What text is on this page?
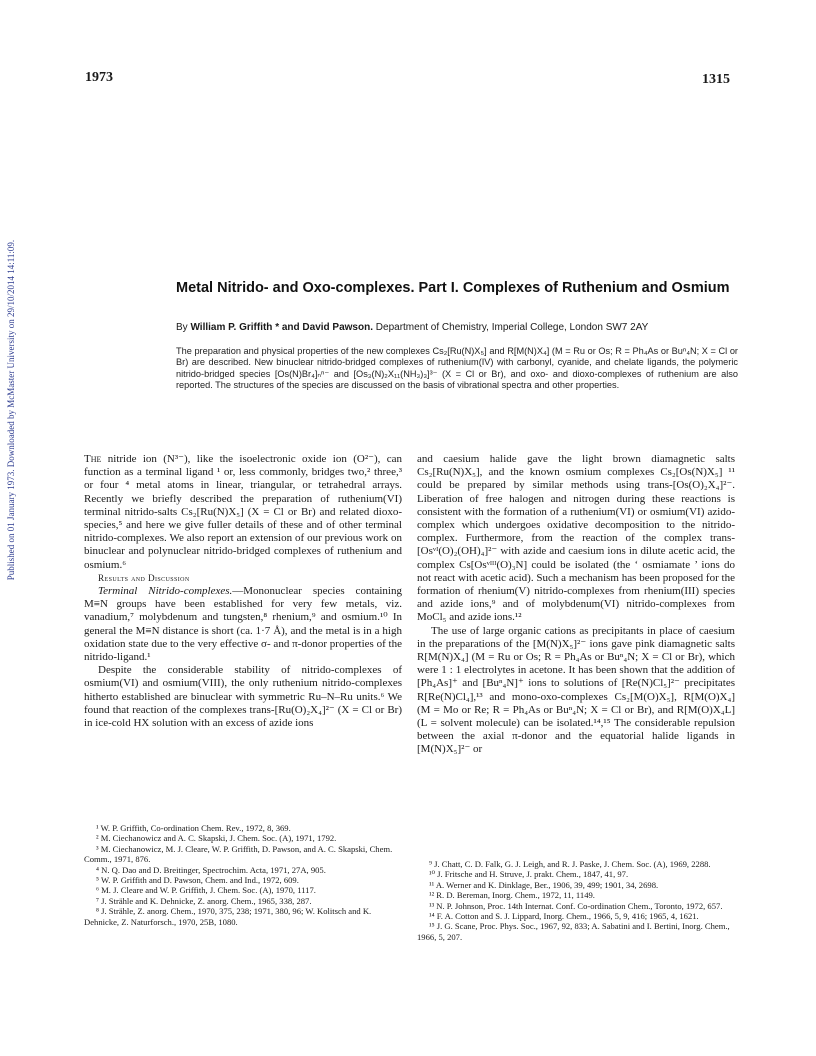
Published on 01 January 1973. Downloaded by McMaster University on 29/10/2014 14:11:09.
1973	1315
Metal Nitrido- and Oxo-complexes. Part I. Complexes of Ruthenium and Osmium
By William P. Griffith * and David Pawson. Department of Chemistry, Imperial College, London SW7 2AY
The preparation and physical properties of the new complexes Cs₂[Ru(N)X₅] and R[M(N)X₄] (M = Ru or Os; R = Ph₄As or Buⁿ₄N; X = Cl or Br) are described. New binuclear nitrido-bridged complexes of ruthenium(IV) with carbonyl, cyanide, and chelate ligands, the polymeric nitrido-bridged species [Os(N)Br₄]ₙⁿ⁻ and [Os₃(N)₂X₁₁(NH₃)₃]³⁻ (X = Cl or Br), and oxo- and dioxo-complexes of ruthenium are also reported. The structures of the species are discussed on the basis of vibrational spectra and other properties.

The nitride ion (N³⁻), like the isoelectronic oxide ion (O²⁻), can function as a terminal ligand ¹ or, less commonly, bridges two,² three,³ or four ⁴ metal atoms in linear, triangular, or tetrahedral arrays. Recently we briefly described the preparation of ruthenium(VI) terminal nitrido-salts Cs₂[Ru(N)X₅] (X = Cl or Br) and related dioxo-species,⁵ and here we give fuller details of these and of other terminal nitrido-complexes. We also report an extension of our previous work on binuclear and polynuclear nitrido-bridged complexes of ruthenium and osmium.⁶

Results and Discussion

Terminal Nitrido-complexes.—Mononuclear species containing M≡N groups have been established for very few metals, viz. vanadium,⁷ molybdenum and tungsten,⁸ rhenium,⁹ and osmium.¹⁰ In general the M≡N distance is short (ca. 1·7 Å), and the metal is in a high oxidation state due to the very effective σ- and π-donor properties of the nitrido-ligand.¹

Despite the considerable stability of nitrido-complexes of osmium(VI) and osmium(VIII), the only ruthenium nitrido-complexes hitherto established are binuclear with symmetric Ru–N–Ru units.⁶ We found that reaction of the complexes trans-[Ru(O)₂X₄]²⁻ (X = Cl or Br) in ice-cold HX solution with an excess of azide ions

and caesium halide gave the light brown diamagnetic salts Cs₂[Ru(N)X₅], and the known osmium complexes Cs₂[Os(N)X₅] ¹¹ could be prepared by similar methods using trans-[Os(O)₂X₄]²⁻. Liberation of free halogen and nitrogen during these reactions is consistent with the formation of a ruthenium(VI) or osmium(VI) azido-complex which undergoes oxidative decomposition to the nitrido-complex. Furthermore, from the reaction of the complex trans-[Osᵛᴵ(O)₂(OH)₄]²⁻ with azide and caesium ions in dilute acetic acid, the complex Cs[Osᵛᴵᴵᴵ(O)₃N] could be isolated (the ‘ osmiamate ’ ions do not react with acetic acid). Such a mechanism has been proposed for the formation of rhenium(V) nitrido-complexes from rhenium(III) species and azide ions,⁹ and of molybdenum(VI) nitrido-complexes from MoCl₅ and azide ions.¹²

The use of large organic cations as precipitants in place of caesium in the preparations of the [M(N)X₅]²⁻ ions gave pink diamagnetic salts R[M(N)X₄] (M = Ru or Os; R = Ph₄As or Buⁿ₄N; X = Cl or Br), which were 1 : 1 electrolytes in acetone. It has been shown that the addition of [Ph₄As]⁺ and [Buⁿ₄N]⁺ ions to solutions of [Re(N)Cl₅]²⁻ precipitates R[Re(N)Cl₄],¹³ and mono-oxo-complexes Cs₂[M(O)X₅], R[M(O)X₄] (M = Mo or Re; R = Ph₄As or Buⁿ₄N; X = Cl or Br), and R[M(O)X₄L] (L = solvent molecule) can be isolated.¹⁴,¹⁵ The considerable repulsion between the axial π-donor and the equatorial halide ligands in [M(N)X₅]²⁻ or

¹ W. P. Griffith, Co-ordination Chem. Rev., 1972, 8, 369.
² M. Ciechanowicz and A. C. Skapski, J. Chem. Soc. (A), 1971, 1792.
³ M. Ciechanowicz, M. J. Cleare, W. P. Griffith, D. Pawson, and A. C. Skapski, Chem. Comm., 1971, 876.
⁴ N. Q. Dao and D. Breitinger, Spectrochim. Acta, 1971, 27A, 905.
⁵ W. P. Griffith and D. Pawson, Chem. and Ind., 1972, 609.
⁶ M. J. Cleare and W. P. Griffith, J. Chem. Soc. (A), 1970, 1117.
⁷ J. Strähle and K. Dehnicke, Z. anorg. Chem., 1965, 338, 287.
⁸ J. Strähle, Z. anorg. Chem., 1970, 375, 238; 1971, 380, 96; W. Kolitsch and K. Dehnicke, Z. Naturforsch., 1970, 25B, 1080.
⁹ J. Chatt, C. D. Falk, G. J. Leigh, and R. J. Paske, J. Chem. Soc. (A), 1969, 2288.
¹⁰ J. Fritsche and H. Struve, J. prakt. Chem., 1847, 41, 97.
¹¹ A. Werner and K. Dinklage, Ber., 1906, 39, 499; 1901, 34, 2698.
¹² R. D. Bereman, Inorg. Chem., 1972, 11, 1149.
¹³ N. P. Johnson, Proc. 14th Internat. Conf. Co-ordination Chem., Toronto, 1972, 657.
¹⁴ F. A. Cotton and S. J. Lippard, Inorg. Chem., 1966, 5, 9, 416; 1965, 4, 1621.
¹⁵ J. G. Scane, Proc. Phys. Soc., 1967, 92, 833; A. Sabatini and I. Bertini, Inorg. Chem., 1966, 5, 207.
